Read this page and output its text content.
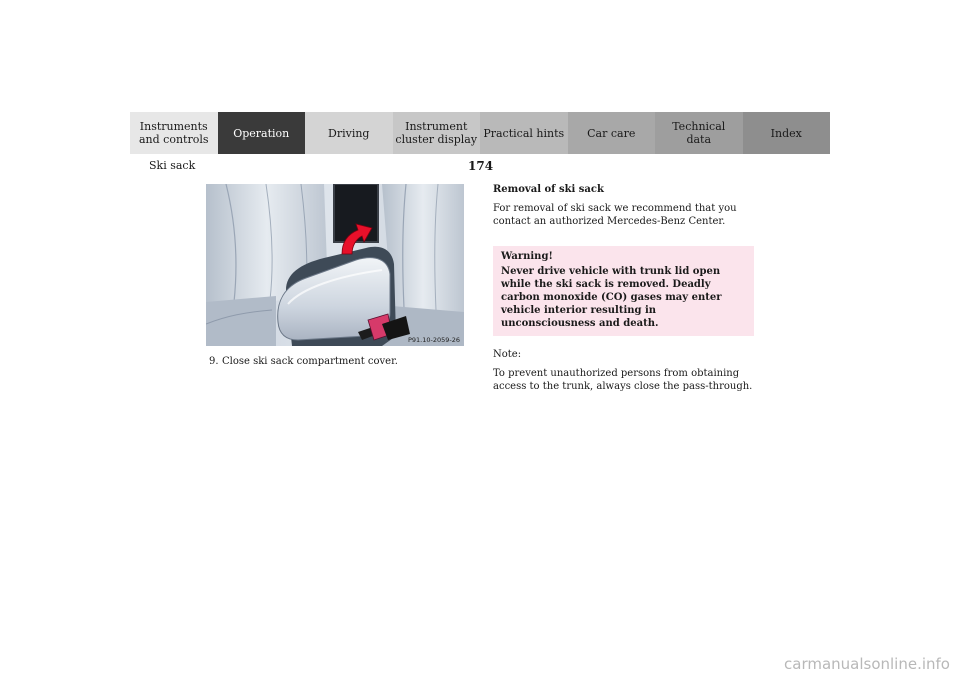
Instruments
and controls	Operation	Driving	Instrument
cluster display Practical hints	Car care	Technical
data	Index
Ski sack	174
P91.10-2059-26
9. Close ski sack compartment cover.
Removal of ski sack

For removal of ski sack we recommend that you contact an authorized Mercedes-Benz Center.

Warning!
Never drive vehicle with trunk lid open while the ski sack is removed. Deadly carbon monoxide (CO) gases may enter vehicle interior resulting in unconsciousness and death.

Note:

To prevent unauthorized persons from obtaining access to the trunk, always close the pass-through.

carmanualsonline.info
